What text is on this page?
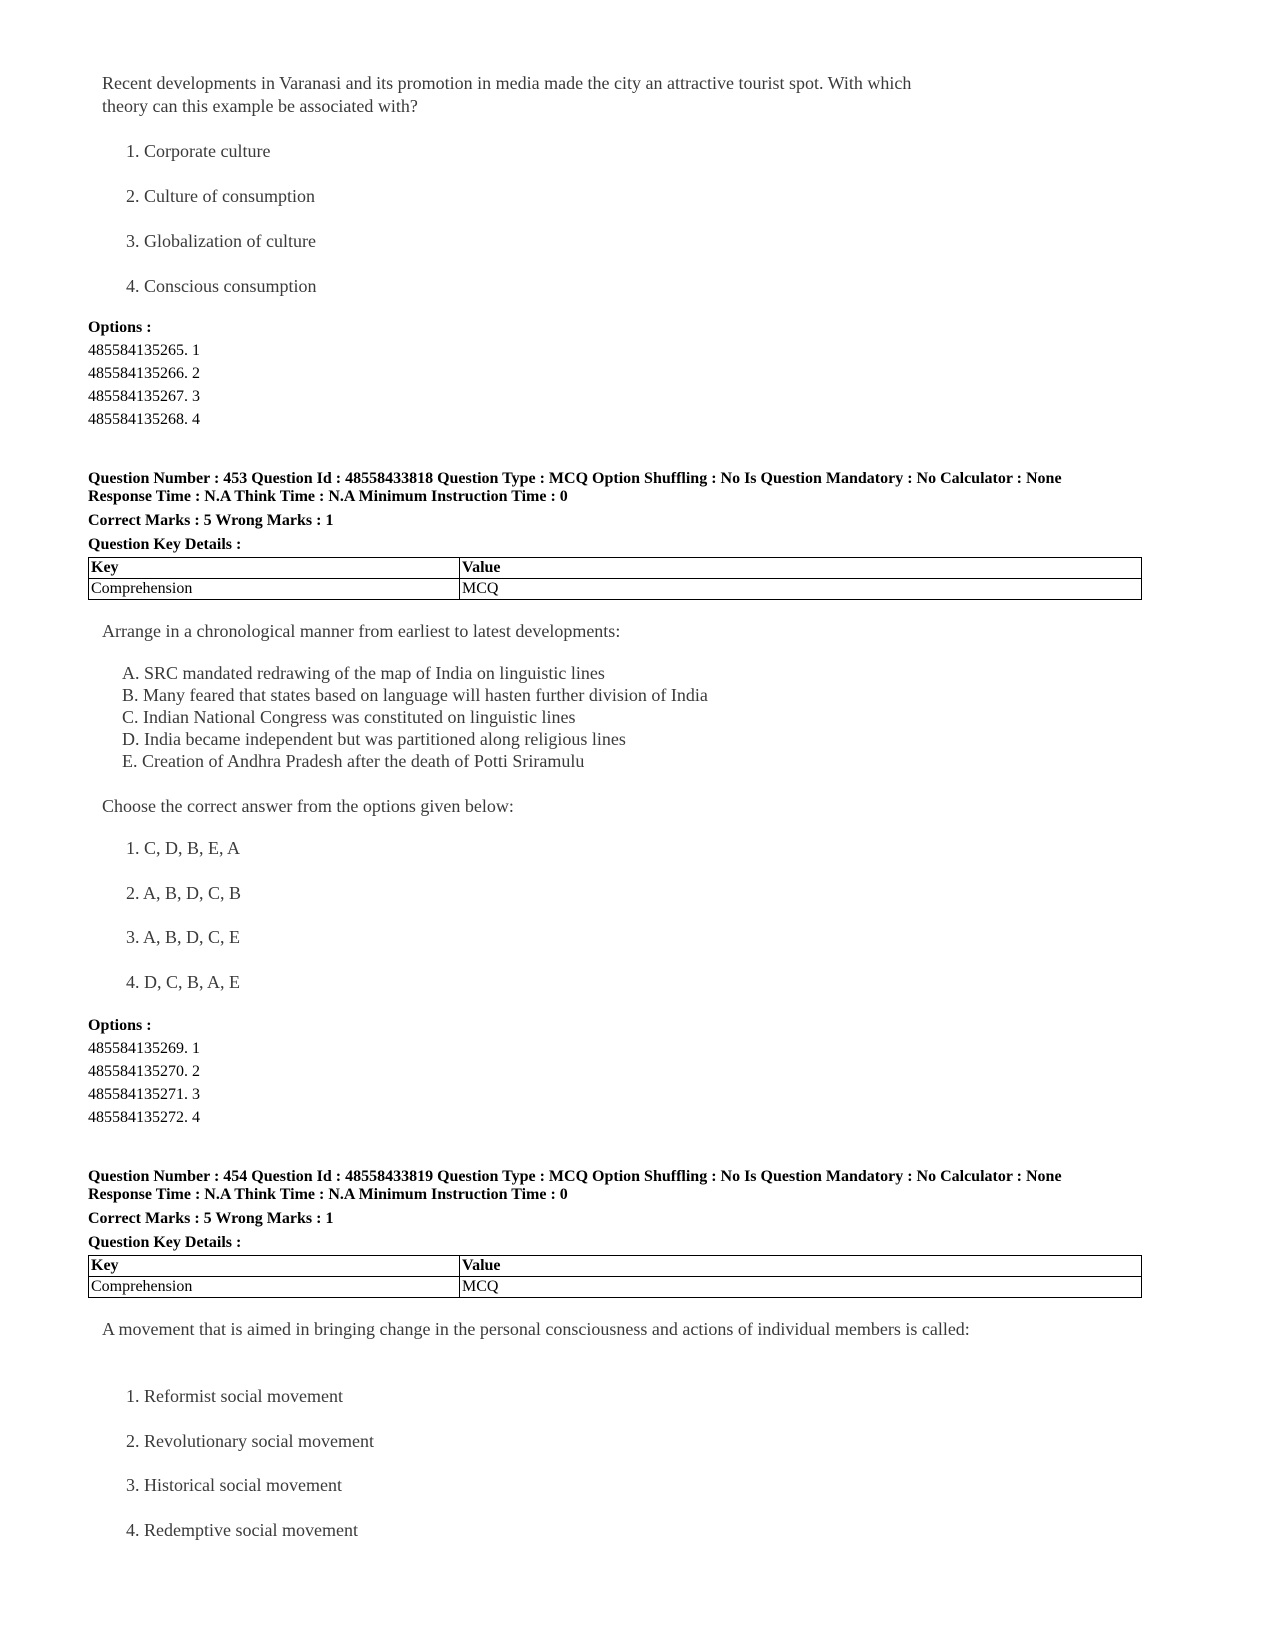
Recent developments in Varanasi and its promotion in media made the city an attractive tourist spot. With which theory can this example be associated with?
1. Corporate culture
2. Culture of consumption
3. Globalization of culture
4. Conscious consumption
Options :
485584135265. 1
485584135266. 2
485584135267. 3
485584135268. 4
Question Number : 453 Question Id : 48558433818 Question Type : MCQ Option Shuffling : No Is Question Mandatory : No Calculator : None
Response Time : N.A Think Time : N.A Minimum Instruction Time : 0
Correct Marks : 5 Wrong Marks : 1
Question Key Details :
Key	Value
Comprehension	MCQ
Arrange in a chronological manner from earliest to latest developments:
A. SRC mandated redrawing of the map of India on linguistic lines
B. Many feared that states based on language will hasten further division of India
C. Indian National Congress was constituted on linguistic lines
D. India became independent but was partitioned along religious lines
E. Creation of Andhra Pradesh after the death of Potti Sriramulu
Choose the correct answer from the options given below:
1. C, D, B, E, A
2. A, B, D, C, B
3. A, B, D, C, E
4. D, C, B, A, E
Options :
485584135269. 1
485584135270. 2
485584135271. 3
485584135272. 4
Question Number : 454 Question Id : 48558433819 Question Type : MCQ Option Shuffling : No Is Question Mandatory : No Calculator : None
Response Time : N.A Think Time : N.A Minimum Instruction Time : 0
Correct Marks : 5 Wrong Marks : 1
Question Key Details :
Key	Value
Comprehension	MCQ
A movement that is aimed in bringing change in the personal consciousness and actions of individual members is called:
1. Reformist social movement
2. Revolutionary social movement
3. Historical social movement
4. Redemptive social movement
